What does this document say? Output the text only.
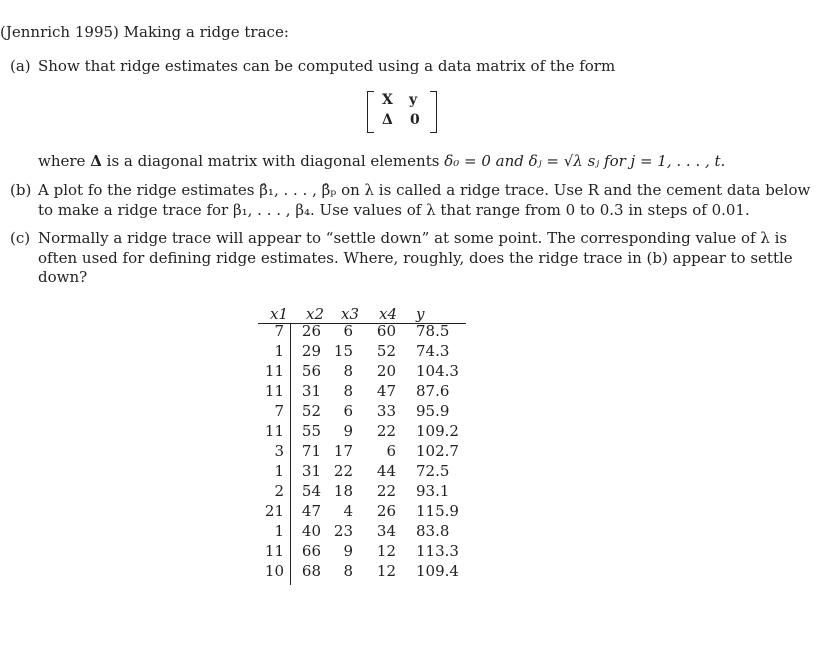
(Jennrich 1995) Making a ridge trace:
(a) Show that ridge estimates can be computed using a data matrix of the form
X y
Δ 0
where Δ is a diagonal matrix with diagonal elements δ₀ = 0 and δⱼ = √λ sⱼ for j = 1, . . . , t.
(b) A plot fo the ridge estimates β̂₁, . . . , β̂ₚ on λ is called a ridge trace. Use R and the cement data below
to make a ridge trace for β₁, . . . , β₄. Use values of λ that range from 0 to 0.3 in steps of 0.01.
(c) Normally a ridge trace will appear to “settle down” at some point. The corresponding value of λ is
often used for defining ridge estimates. Where, roughly, does the ridge trace in (b) appear to settle
down?
x1 x2 x3 x4 y
7 26 6 60 78.5
1 29 15 52 74.3
11 56 8 20 104.3
11 31 8 47 87.6
7 52 6 33 95.9
11 55 9 22 109.2
3 71 17 6 102.7
1 31 22 44 72.5
2 54 18 22 93.1
21 47 4 26 115.9
1 40 23 34 83.8
11 66 9 12 113.3
10 68 8 12 109.4
